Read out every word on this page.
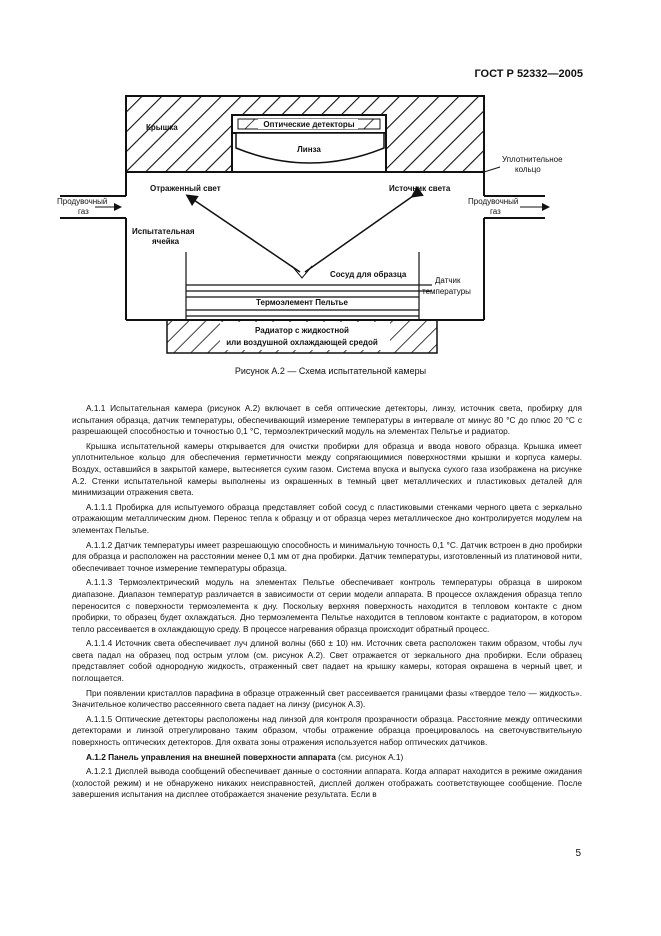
ГОСТ Р 52332—2005
Крышка	Оптические детекторы
Линза
Уплотнительное
кольцо
Отраженный свет	Источник света
Продувочный
газ
Продувочный
газ
Испытательная
ячейка
Сосуд для образца
Датчик
температуры
Термоэлемент Пельтье
Радиатор с жидкостной
или воздушной охлаждающей средой
Рисунок А.2 — Схема испытательной камеры

А.1.1 Испытательная камера (рисунок А.2) включает в себя оптические детекторы, линзу, источник света, пробирку для испытания образца, датчик температуры, обеспечивающий измерение температуры в интервале от минус 80 °С до плюс 20 °С с разрешающей способностью и точностью 0,1 °С, термоэлектрический модуль на элементах Пельтье и радиатор.

Крышка испытательной камеры открывается для очистки пробирки для образца и ввода нового образца. Крышка имеет уплотнительное кольцо для обеспечения герметичности между сопрягающимися поверхностями крышки и корпуса камеры. Воздух, оставшийся в закрытой камере, вытесняется сухим газом. Система впуска и выпуска сухого газа изображена на рисунке А.2. Стенки испытательной камеры выполнены из окрашенных в темный цвет металлических и пластиковых деталей для минимизации отражения света.

А.1.1.1 Пробирка для испытуемого образца представляет собой сосуд с пластиковыми стенками черного цвета с зеркально отражающим металлическим дном. Перенос тепла к образцу и от образца через металлическое дно контролируется модулем на элементах Пельтье.

А.1.1.2 Датчик температуры имеет разрешающую способность и минимальную точность 0,1 °С. Датчик встроен в дно пробирки для образца и расположен на расстоянии менее 0,1 мм от дна пробирки. Датчик температуры, изготовленный из платиновой нити, обеспечивает точное измерение температуры образца.

А.1.1.3 Термоэлектрический модуль на элементах Пельтье обеспечивает контроль температуры образца в широком диапазоне. Диапазон температур различается в зависимости от серии модели аппарата. В процессе охлаждения образца тепло переносится с поверхности термоэлемента к дну. Поскольку верхняя поверхность находится в тепловом контакте с дном пробирки, то образец будет охлаждаться. Дно термоэлемента Пельтье находится в тепловом контакте с радиатором, в котором тепло рассеивается в охлаждающую среду. В процессе нагревания образца происходит обратный процесс.

А.1.1.4 Источник света обеспечивает луч длиной волны (660 ± 10) нм. Источник света расположен таким образом, чтобы луч света падал на образец под острым углом (см. рисунок А.2). Свет отражается от зеркального дна пробирки. Если образец представляет собой однородную жидкость, отраженный свет падает на крышку камеры, которая окрашена в черный цвет, и поглощается.

При появлении кристаллов парафина в образце отраженный свет рассеивается границами фазы «твердое тело — жидкость». Значительное количество рассеянного света падает на линзу (рисунок А.3).

А.1.1.5 Оптические детекторы расположены над линзой для контроля прозрачности образца. Расстояние между оптическими детекторами и линзой отрегулировано таким образом, чтобы отражение образца проецировалось на светочувствительную поверхность оптических детекторов. Для охвата зоны отражения используется набор оптических датчиков.

А.1.2 Панель управления на внешней поверхности аппарата (см. рисунок А.1)

А.1.2.1 Дисплей вывода сообщений обеспечивает данные о состоянии аппарата. Когда аппарат находится в режиме ожидания (холостой режим) и не обнаружено никаких неисправностей, дисплей должен отображать соответствующее сообщение. После завершения испытания на дисплее отображается значение результата. Если в

5
